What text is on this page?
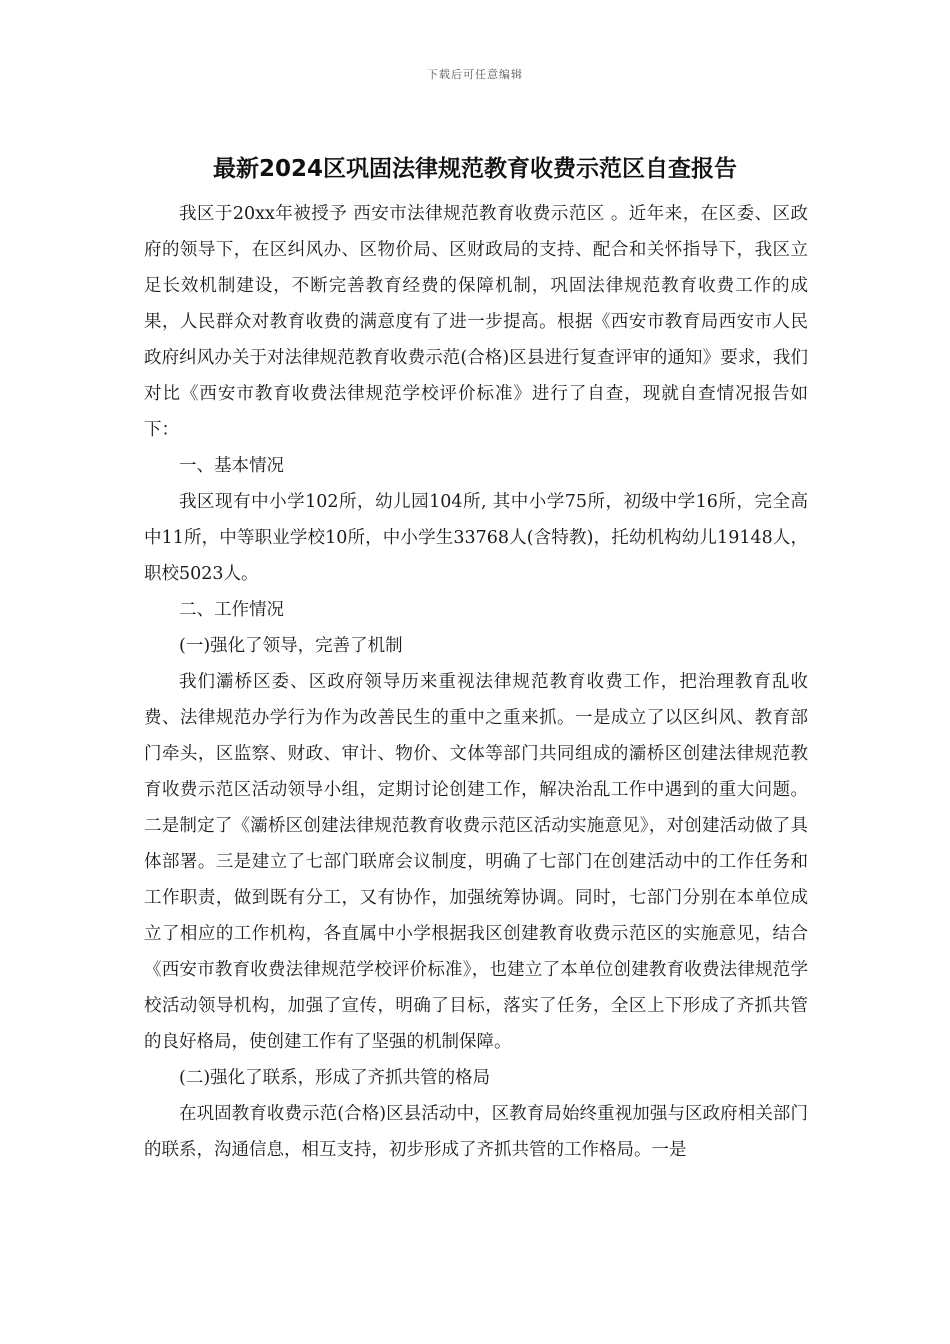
下载后可任意编辑
最新2024区巩固法律规范教育收费示范区自查报告

我区于20xx年被授予 西安市法律规范教育收费示范区 。近年来，在区委、区政府的领导下，在区纠风办、区物价局、区财政局的支持、配合和关怀指导下，我区立足长效机制建设，不断完善教育经费的保障机制，巩固法律规范教育收费工作的成果，人民群众对教育收费的满意度有了进一步提高。根据《西安市教育局西安市人民政府纠风办关于对法律规范教育收费示范(合格)区县进行复查评审的通知》要求，我们对比《西安市教育收费法律规范学校评价标准》进行了自查，现就自查情况报告如下：

一、基本情况

我区现有中小学102所，幼儿园104所, 其中小学75所，初级中学16所，完全高中11所，中等职业学校10所，中小学生33768人(含特教)，托幼机构幼儿19148人，职校5023人。

二、工作情况

(一)强化了领导，完善了机制

我们灞桥区委、区政府领导历来重视法律规范教育收费工作，把治理教育乱收费、法律规范办学行为作为改善民生的重中之重来抓。一是成立了以区纠风、教育部门牵头，区监察、财政、审计、物价、文体等部门共同组成的灞桥区创建法律规范教育收费示范区活动领导小组，定期讨论创建工作，解决治乱工作中遇到的重大问题。二是制定了《灞桥区创建法律规范教育收费示范区活动实施意见》，对创建活动做了具体部署。三是建立了七部门联席会议制度，明确了七部门在创建活动中的工作任务和工作职责，做到既有分工，又有协作，加强统筹协调。同时，七部门分别在本单位成立了相应的工作机构，各直属中小学根据我区创建教育收费示范区的实施意见，结合《西安市教育收费法律规范学校评价标准》，也建立了本单位创建教育收费法律规范学校活动领导机构，加强了宣传，明确了目标，落实了任务，全区上下形成了齐抓共管的良好格局，使创建工作有了坚强的机制保障。

(二)强化了联系，形成了齐抓共管的格局

在巩固教育收费示范(合格)区县活动中，区教育局始终重视加强与区政府相关部门的联系，沟通信息，相互支持，初步形成了齐抓共管的工作格局。一是
